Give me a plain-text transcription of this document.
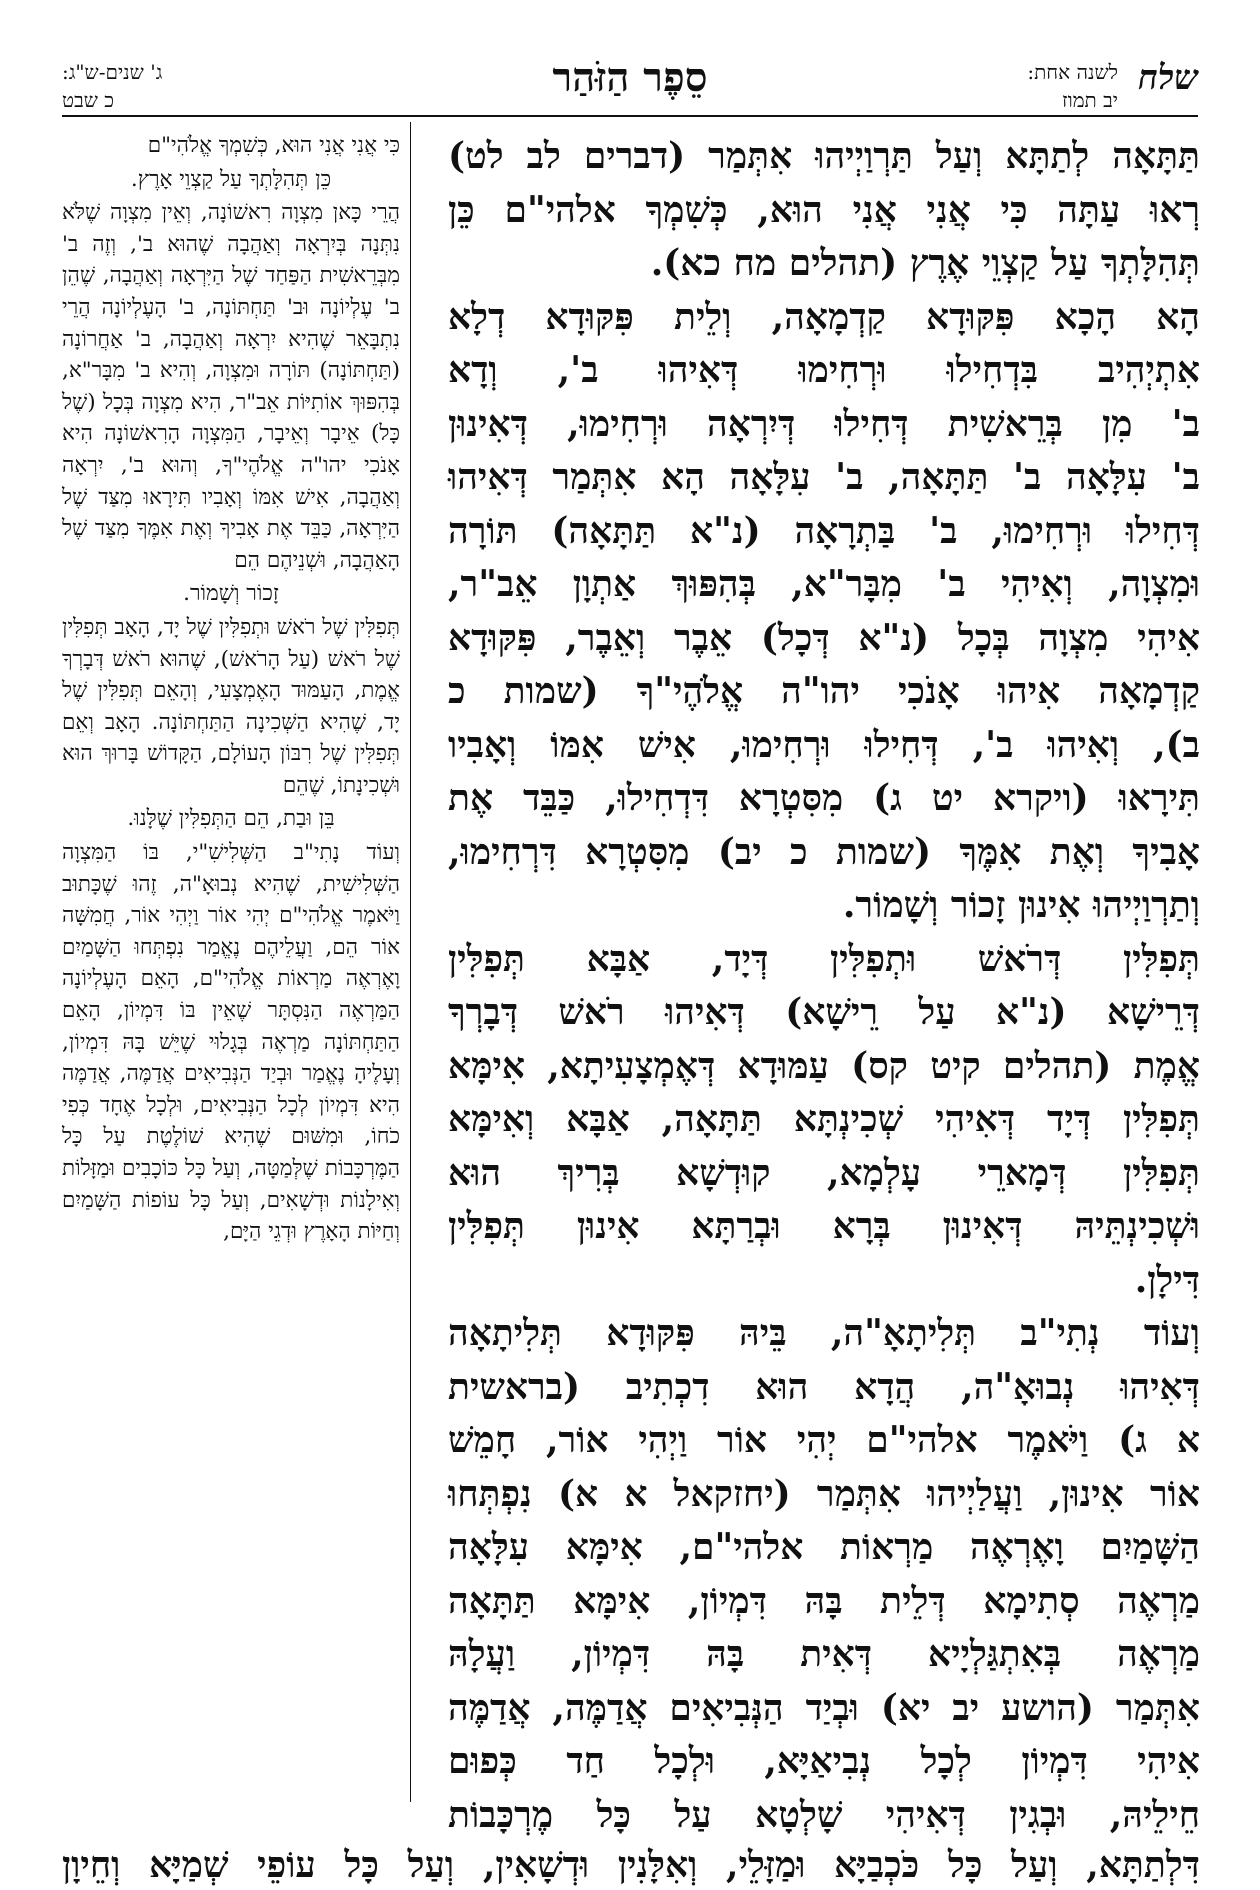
שלח
לשנה אחת:
יב תמוז
סֵפֶר הַזֹּהַר
ג' שנים-ש"ג:
כ שבט

תַּתָּאָה לְתַתָּא וְעַל תַּרְוַיְיהוּ אִתְּמַר (דברים לב לט)

רְאוּ עַתָּה כִּי אֲנִי אֲנִי הוּא, כְּשִׁמְךָ אלהי"ם כֵּן

תְּהִלָּתְךָ עַל קַצְוֵי אֶרֶץ (תהלים מח כא).

הָא הָכָא פִּקּוּדָא קַדְמָאָה, וְלֵית פִּקּוּדָא דְלָא

אִתְיְהִיב בִּדְחִילוּ וּרְחִימוּ דְּאִיהוּ ב', וְדָא

ב' מִן בְּרֵאשִׁית דְּחִילוּ דְּיִרְאָה וּרְחִימוּ, דְּאִינוּן

ב' עִלָּאָה ב' תַּתָּאָה, ב' עִלָּאָה הָא אִתְּמַר דְּאִיהוּ

דְּחִילוּ וּרְחִימוּ, ב' בַּתְרָאָה (נ"א תַּתָּאָה) תּוֹרָה

וּמִצְוָה, וְאִיהִי ב' מִבָּר"א, בְּהִפּוּךְ אַתְוָן אֵב"ר,

אִיהִי מִצְוָה בְּכָל (נ"א דְּכָל) אֵבֶר וְאֵבֶר, פִּקּוּדָא

קַדְמָאָה אִיהוּ אָנֹכִי יהו"ה אֱלֹהֶי"ךָ (שמות כ

ב), וְאִיהוּ ב', דְּחִילוּ וּרְחִימוּ, אִישׁ אִמּוֹ וְאָבִיו

תִּירָאוּ (ויקרא יט ג) מִסִּטְרָא דִּדְחִילוּ, כַּבֵּד אֶת

אָבִיךָ וְאֶת אִמֶּךָ (שמות כ יב) מִסִּטְרָא דִּרְחִימוּ,

וְתַרְוַיְיהוּ אִינוּן זָכוֹר וְשָׁמוֹר.

תְּפִלִּין דְּרֹאשׁ וּתְפִלִּין דְּיָד, אַבָּא תְּפִלִּין

דְּרֵישָׁא (נ"א עַל רֵישָׁא) דְּאִיהוּ רֹאשׁ דְּבָרְךָ

אֱמֶת (תהלים קיט קס) עַמּוּדָא דְּאֶמְצָעִיתָא, אִימָּא

תְּפִלִּין דְּיָד דְּאִיהִי שְׁכִינְתָּא תַּתָּאָה, אַבָּא וְאִימָּא

תְּפִלִּין דְּמָארֵי עָלְמָא, קוּדְשָׁא בְּרִיךְ הוּא

וּשְׁכִינְתֵּיהּ דְּאִינוּן בְּרָא וּבְרַתָּא אִינוּן תְּפִלִּין

דִּילָן.

וְעוֹד נְתִי"ב תְּלִיתָאָ"ה, בֵּיהּ פִּקּוּדָא תְּלִיתָאָה

דְּאִיהוּ נְבוּאָ"ה, הֲדָא הוּא דִכְתִיב (בראשית

א ג) וַיֹּאמֶר אלהי"ם יְהִי אוֹר וַיְהִי אוֹר, חָמֵשׁ

אוֹר אִינוּן, וַעֲלַיְיהוּ אִתְּמַר (יחזקאל א א) נִפְתְּחוּ

הַשָּׁמַיִם וָאֶרְאֶה מַרְאוֹת אלהי"ם, אִימָּא עִלָּאָה

מַרְאֶה סְתִימָא דְּלֵית בָּהּ דִּמְיוֹן, אִימָּא תַּתָּאָה

מַרְאֶה בְּאִתְגַּלְיָיא דְּאִית בָּהּ דִּמְיוֹן, וַעֲלָהּ

אִתְּמַר (הושע יב יא) וּבְיַד הַנְּבִיאִים אֲדַמֶּה, אֲדַמֶּה

אִיהִי דִּמְיוֹן לְכָל נְבִיאַיָּא, וּלְכָל חַד כְּפוּם

חֵילֵיהּ, וּבְגִין דְּאִיהִי שָׁלְטָא עַל כָּל מֶרְכָּבוֹת

כִּי אֲנִי אֲנִי הוּא, כְּשִׁמְךָ אֱלֹהִי"ם

כֵּן תְּהִלָּתְךָ עַל קַצְוֵי אָרֶץ.

הֲרֵי כָּאן מִצְוָה רִאשׁוֹנָה, וְאֵין מִצְוָה שֶׁלֹּא נִתְּנָה בְּיִרְאָה וְאַהֲבָה שֶׁהוּא ב', וְזֶה ב' מִבְּרֵאשִׁית הַפַּחַד שֶׁל הַיִּרְאָה וְאַהֲבָה, שֶׁהֵן ב' עֶלְיוֹנָה וּב' תַּחְתּוֹנָה, ב' הָעֶלְיוֹנָה הֲרֵי נִתְבָּאֵר שֶׁהִיא יִרְאָה וְאַהֲבָה, ב' אַחֲרוֹנָה (תַּחְתּוֹנָה) תּוֹרָה וּמִצְוָה, וְהִיא ב' מִבָּר"א, בְּהִפּוּךְ אוֹתִיּוֹת אֵב"ר, הִיא מִצְוָה בְּכָל (שֶׁל כָּל) אֵיבָר וְאֵיבָר, הַמִּצְוָה הָרִאשׁוֹנָה הִיא אָנֹכִי יהו"ה אֱלֹהֶי"ךָ, וְהוּא ב', יִרְאָה וְאַהֲבָה, אִישׁ אִמּוֹ וְאָבִיו תִּירָאוּ מִצַּד שֶׁל הַיִּרְאָה, כַּבֵּד אֶת אָבִיךָ וְאֶת אִמֶּךָ מִצַּד שֶׁל הָאַהֲבָה, וּשְׁנֵיהֶם הֵם

זָכוֹר וְשָׁמוֹר.

תְּפִלִּין שֶׁל רֹאשׁ וּתְפִלִּין שֶׁל יָד, הָאָב תְּפִלִּין שֶׁל רֹאשׁ (עַל הָרֹאשׁ), שֶׁהוּא רֹאשׁ דְּבָרְךָ אֱמֶת, הָעַמּוּד הָאֶמְצָעִי, וְהָאֵם תְּפִלִּין שֶׁל יָד, שֶׁהִיא הַשְּׁכִינָה הַתַּחְתּוֹנָה. הָאָב וְאֵם תְּפִלִּין שֶׁל רִבּוֹן הָעוֹלָם, הַקָּדוֹשׁ בָּרוּךְ הוּא וּשְׁכִינָתוֹ, שֶׁהֵם

בֵּן וּבַת, הֵם הַתְּפִלִּין שֶׁלָּנוּ.

וְעוֹד נָתִי"ב הַשְּׁלִישִׁ"י, בּוֹ הַמִּצְוָה הַשְּׁלִישִׁית, שֶׁהִיא נְבוּאָ"ה, זֶהוּ שֶׁכָּתוּב וַיֹּאמֶר אֱלֹהִי"ם יְהִי אוֹר וַיְהִי אוֹר, חֲמִשָּׁה אוֹר הֵם, וַעֲלֵיהֶם נֶאֱמַר נִפְתְּחוּ הַשָּׁמַיִם וָאֶרְאֶה מַרְאוֹת אֱלֹהִי"ם, הָאֵם הָעֶלְיוֹנָה הַמַּרְאֶה הַנִּסְתָּר שֶׁאֵין בּוֹ דִּמְיוֹן, הָאֵם הַתַּחְתּוֹנָה מַרְאֶה בְּגָלוּי שֶׁיֵּשׁ בָּהּ דִּמְיוֹן, וְעָלֶיהָ נֶאֱמַר וּבְיַד הַנְּבִיאִים אֲדַמֶּה, אֲדַמֶּה הִיא דִּמְיוֹן לְכָל הַנְּבִיאִים, וּלְכָל אֶחָד כְּפִי כֹחוֹ, וּמִשּׁוּם שֶׁהִיא שׁוֹלֶטֶת עַל כָּל הַמֶּרְכָּבוֹת שֶׁלְּמַטָּה, וְעַל כָּל כּוֹכָבִים וּמַזָּלוֹת וְאִילָנוֹת וּדְשָׁאִים, וְעַל כָּל עוֹפוֹת הַשָּׁמַיִם וְחַיּוֹת הָאָרֶץ וּדְגֵי הַיָּם,

דִּלְתַתָּא, וְעַל כָּל כֹּכְבַיָּא וּמַזָּלֵי, וְאִלָּנִין וּדְשָׁאִין, וְעַל כָּל עוֹפֵי שְׁמַיָּא וְחֵיוָן
